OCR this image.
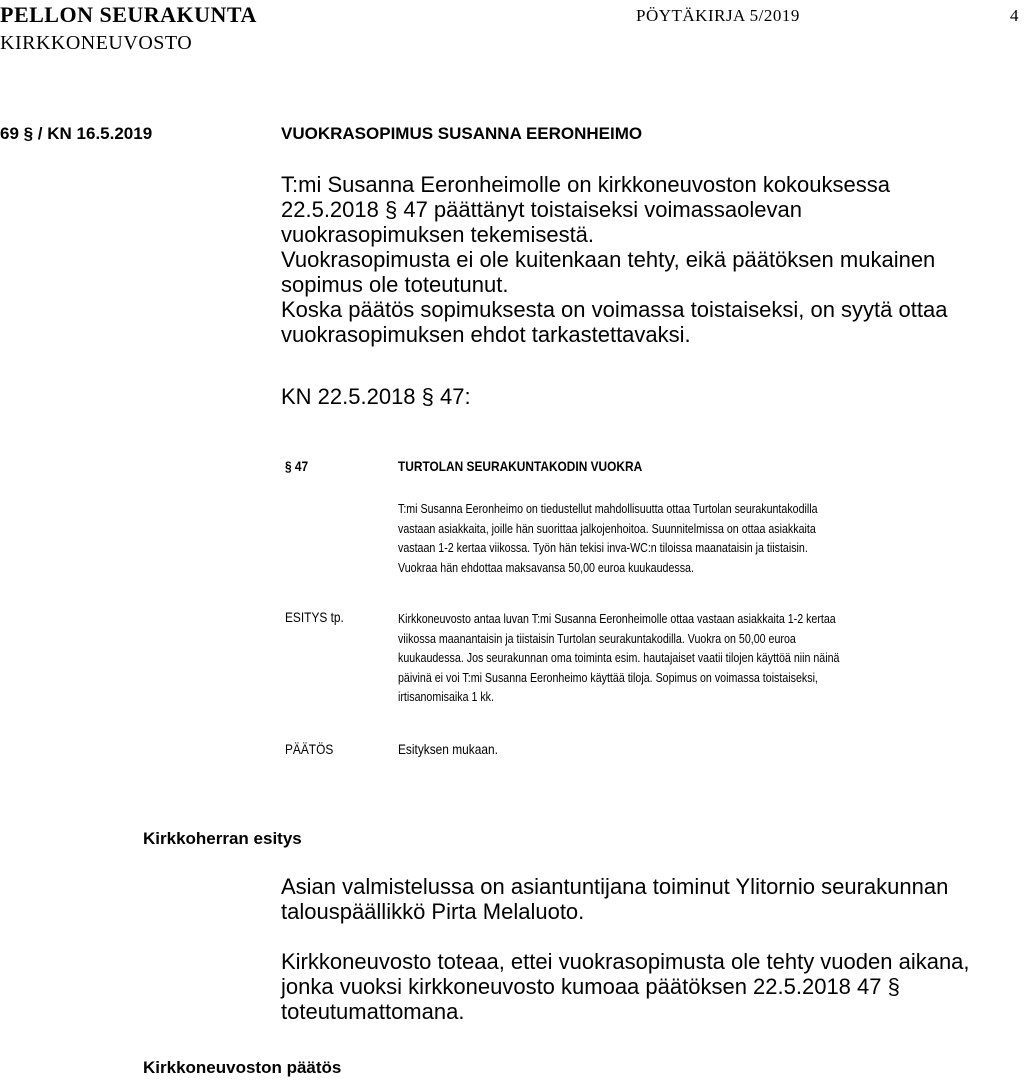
PELLON SEURAKUNTA
KIRKKONEUVOSTO
PÖYTÄKIRJA 5/2019	4
69 § / KN 16.5.2019	VUOKRASOPIMUS SUSANNA EERONHEIMO
T:mi Susanna Eeronheimolle on kirkkoneuvoston kokouksessa
22.5.2018 § 47 päättänyt toistaiseksi voimassaolevan
vuokrasopimuksen tekemisestä.
Vuokrasopimusta ei ole kuitenkaan tehty, eikä päätöksen mukainen
sopimus ole toteutunut.
Koska päätös sopimuksesta on voimassa toistaiseksi, on syytä ottaa
vuokrasopimuksen ehdot tarkastettavaksi.
KN 22.5.2018 § 47:
§ 47	TURTOLAN SEURAKUNTAKODIN VUOKRA
T:mi Susanna Eeronheimo on tiedustellut mahdollisuutta ottaa Turtolan seurakuntakodilla
vastaan asiakkaita, joille hän suorittaa jalkojenhoitoa. Suunnitelmissa on ottaa asiakkaita
vastaan 1-2 kertaa viikossa. Työn hän tekisi inva-WC:n tiloissa maanataisin ja tiistaisin.
Vuokraa hän ehdottaa maksavansa 50,00 euroa kuukaudessa.
ESITYS tp.	Kirkkoneuvosto antaa luvan T:mi Susanna Eeronheimolle ottaa vastaan asiakkaita 1-2 kertaa
viikossa maanantaisin ja tiistaisin Turtolan seurakuntakodilla. Vuokra on 50,00 euroa
kuukaudessa. Jos seurakunnan oma toiminta esim. hautajaiset vaatii tilojen käyttöä niin näinä
päivinä ei voi T:mi Susanna Eeronheimo käyttää tiloja. Sopimus on voimassa toistaiseksi,
irtisanomisaika 1 kk.
PÄÄTÖS	Esityksen mukaan.
Kirkkoherran esitys
Asian valmistelussa on asiantuntijana toiminut Ylitornio seurakunnan
talouspäällikkö Pirta Melaluoto.
Kirkkoneuvosto toteaa, ettei vuokrasopimusta ole tehty vuoden aikana,
jonka vuoksi kirkkoneuvosto kumoaa päätöksen 22.5.2018 47 §
toteutumattomana.
Kirkkoneuvoston päätös
